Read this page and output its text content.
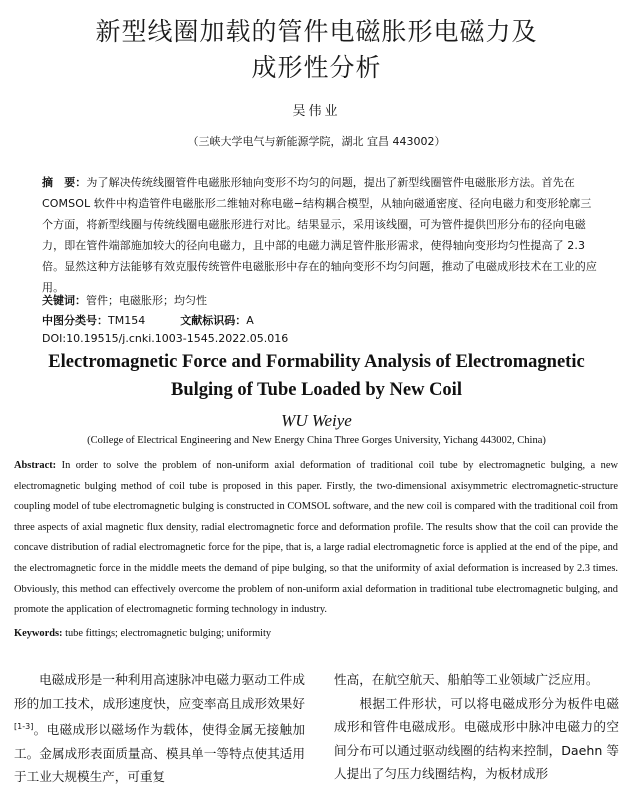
新型线圈加载的管件电磁胀形电磁力及
成形性分析
吴伟业
（三峡大学电气与新能源学院，湖北 宜昌 443002）
摘　要：为了解决传统线圈管件电磁胀形轴向变形不均匀的问题，提出了新型线圈管件电磁胀形方法。首先在 COMSOL 软件中构造管件电磁胀形二维轴对称电磁−结构耦合模型，从轴向磁通密度、径向电磁力和变形轮廓三个方面，将新型线圈与传统线圈电磁胀形进行对比。结果显示，采用该线圈，可为管件提供凹形分布的径向电磁力，即在管件端部施加较大的径向电磁力，且中部的电磁力满足管件胀形需求，使得轴向变形均匀性提高了 2.3 倍。显然这种方法能够有效克服传统管件电磁胀形中存在的轴向变形不均匀问题，推动了电磁成形技术在工业的应用。
关键词：管件；电磁胀形；均匀性
中图分类号：TM154	文献标识码：A
DOI:10.19515/j.cnki.1003-1545.2022.05.016
Electromagnetic Force and Formability Analysis of Electromagnetic
Bulging of Tube Loaded by New Coil
WU Weiye
(College of Electrical Engineering and New Energy China Three Gorges University, Yichang 443002, China)
Abstract: In order to solve the problem of non-uniform axial deformation of traditional coil tube by electromagnetic bulging, a new electromagnetic bulging method of coil tube is proposed in this paper. Firstly, the two-dimensional axisymmetric electromagnetic-structure coupling model of tube electromagnetic bulging is constructed in COMSOL software, and the new coil is compared with the traditional coil from three aspects of axial magnetic flux density, radial electromagnetic force and deformation profile. The results show that the coil can provide the concave distribution of radial electromagnetic force for the pipe, that is, a large radial electromagnetic force is applied at the end of the pipe, and the electromagnetic force in the middle meets the demand of pipe bulging, so that the uniformity of axial deformation is increased by 2.3 times. Obviously, this method can effectively overcome the problem of non-uniform axial deformation in traditional tube electromagnetic bulging, and promote the application of electromagnetic forming technology in industry.
Keywords: tube fittings; electromagnetic bulging; uniformity
电磁成形是一种利用高速脉冲电磁力驱动工件成形的加工技术，成形速度快，应变率高且成形效果好[1-3]。电磁成形以磁场作为载体，使得金属无接触加工。金属成形表面质量高、模具单一等特点使其适用于工业大规模生产，可重复
性高，在航空航天、船舶等工业领域广泛应用。
根据工件形状，可以将电磁成形分为板件电磁成形和管件电磁成形。电磁成形中脉冲电磁力的空间分布可以通过驱动线圈的结构来控制，Daehn 等人提出了匀压力线圈结构，为板材成形
